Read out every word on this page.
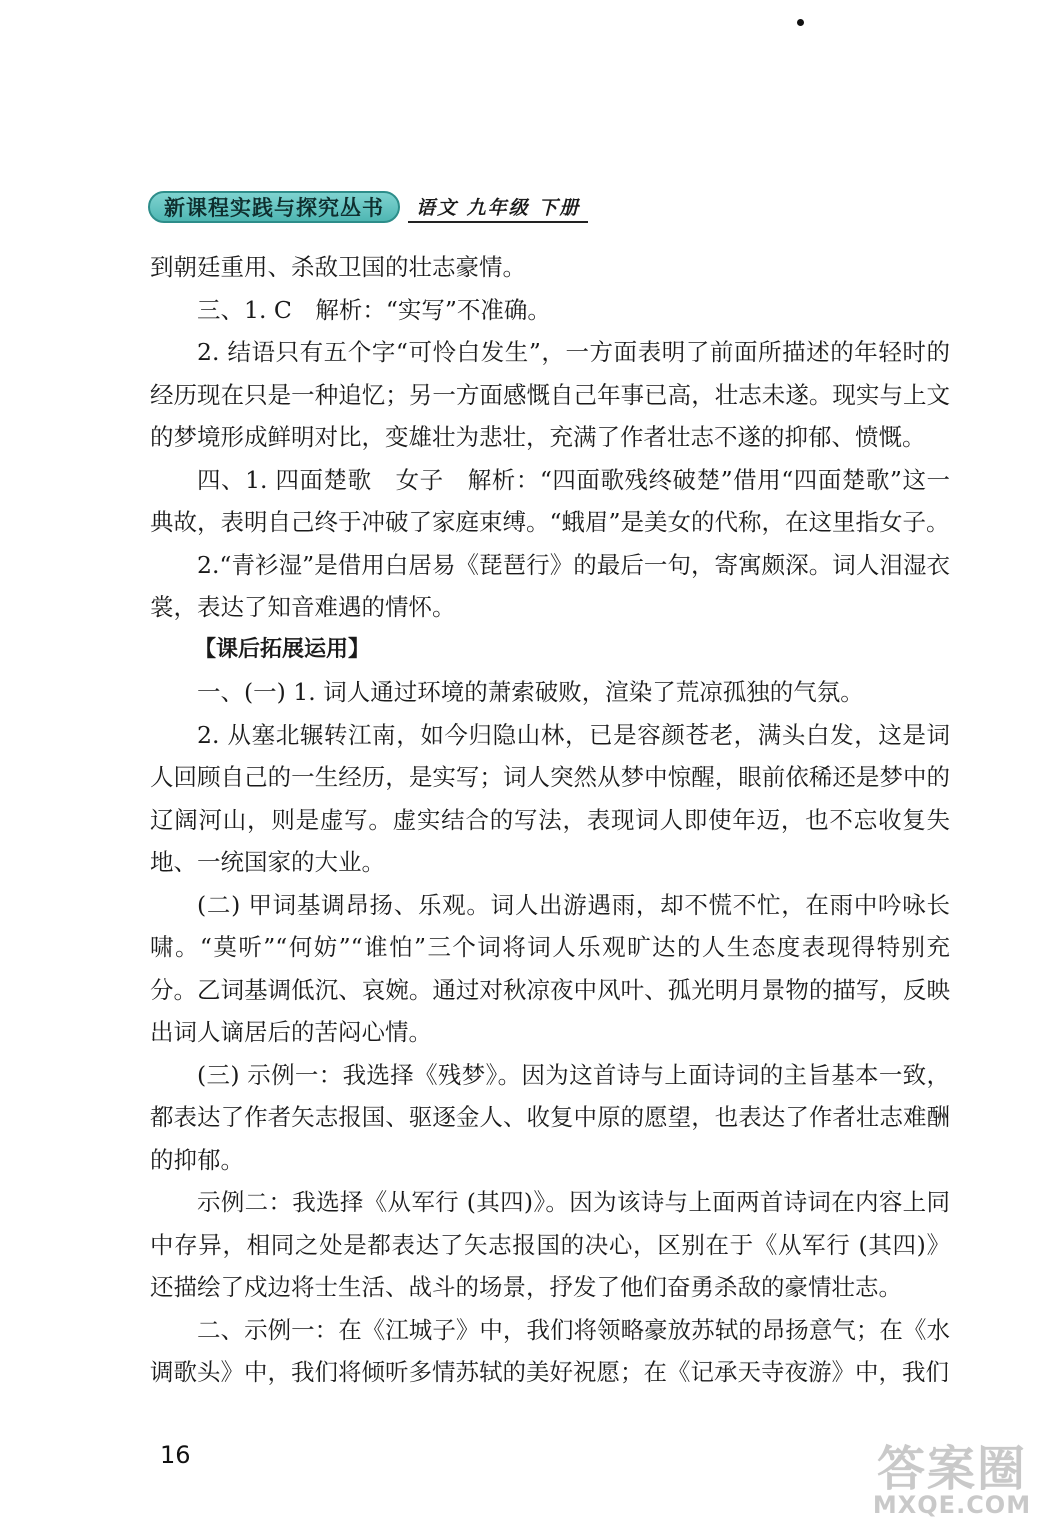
新课程实践与探究丛书	语文 九年级 下册

到朝廷重用、杀敌卫国的壮志豪情。

三、1. C　解析：“实写”不准确。

2. 结语只有五个字“可怜白发生”，一方面表明了前面所描述的年轻时的经历现在只是一种追忆；另一方面感慨自己年事已高，壮志未遂。现实与上文的梦境形成鲜明对比，变雄壮为悲壮，充满了作者壮志不遂的抑郁、愤慨。

四、1. 四面楚歌　女子　解析：“四面歌残终破楚”借用“四面楚歌”这一典故，表明自己终于冲破了家庭束缚。“蛾眉”是美女的代称，在这里指女子。

2.“青衫湿”是借用白居易《琵琶行》的最后一句，寄寓颇深。词人泪湿衣裳，表达了知音难遇的情怀。

【课后拓展运用】

一、(一) 1. 词人通过环境的萧索破败，渲染了荒凉孤独的气氛。

2. 从塞北辗转江南，如今归隐山林，已是容颜苍老，满头白发，这是词人回顾自己的一生经历，是实写；词人突然从梦中惊醒，眼前依稀还是梦中的辽阔河山，则是虚写。虚实结合的写法，表现词人即使年迈，也不忘收复失地、一统国家的大业。

(二) 甲词基调昂扬、乐观。词人出游遇雨，却不慌不忙，在雨中吟咏长啸。“莫听”“何妨”“谁怕”三个词将词人乐观旷达的人生态度表现得特别充分。乙词基调低沉、哀婉。通过对秋凉夜中风叶、孤光明月景物的描写，反映出词人谪居后的苦闷心情。

(三) 示例一：我选择《残梦》。因为这首诗与上面诗词的主旨基本一致，都表达了作者矢志报国、驱逐金人、收复中原的愿望，也表达了作者壮志难酬的抑郁。

示例二：我选择《从军行 (其四)》。因为该诗与上面两首诗词在内容上同中存异，相同之处是都表达了矢志报国的决心，区别在于《从军行 (其四)》还描绘了戍边将士生活、战斗的场景，抒发了他们奋勇杀敌的豪情壮志。

二、示例一：在《江城子》中，我们将领略豪放苏轼的昂扬意气；在《水调歌头》中，我们将倾听多情苏轼的美好祝愿；在《记承天寺夜游》中，我们

16	答案圈
MXQE.COM
